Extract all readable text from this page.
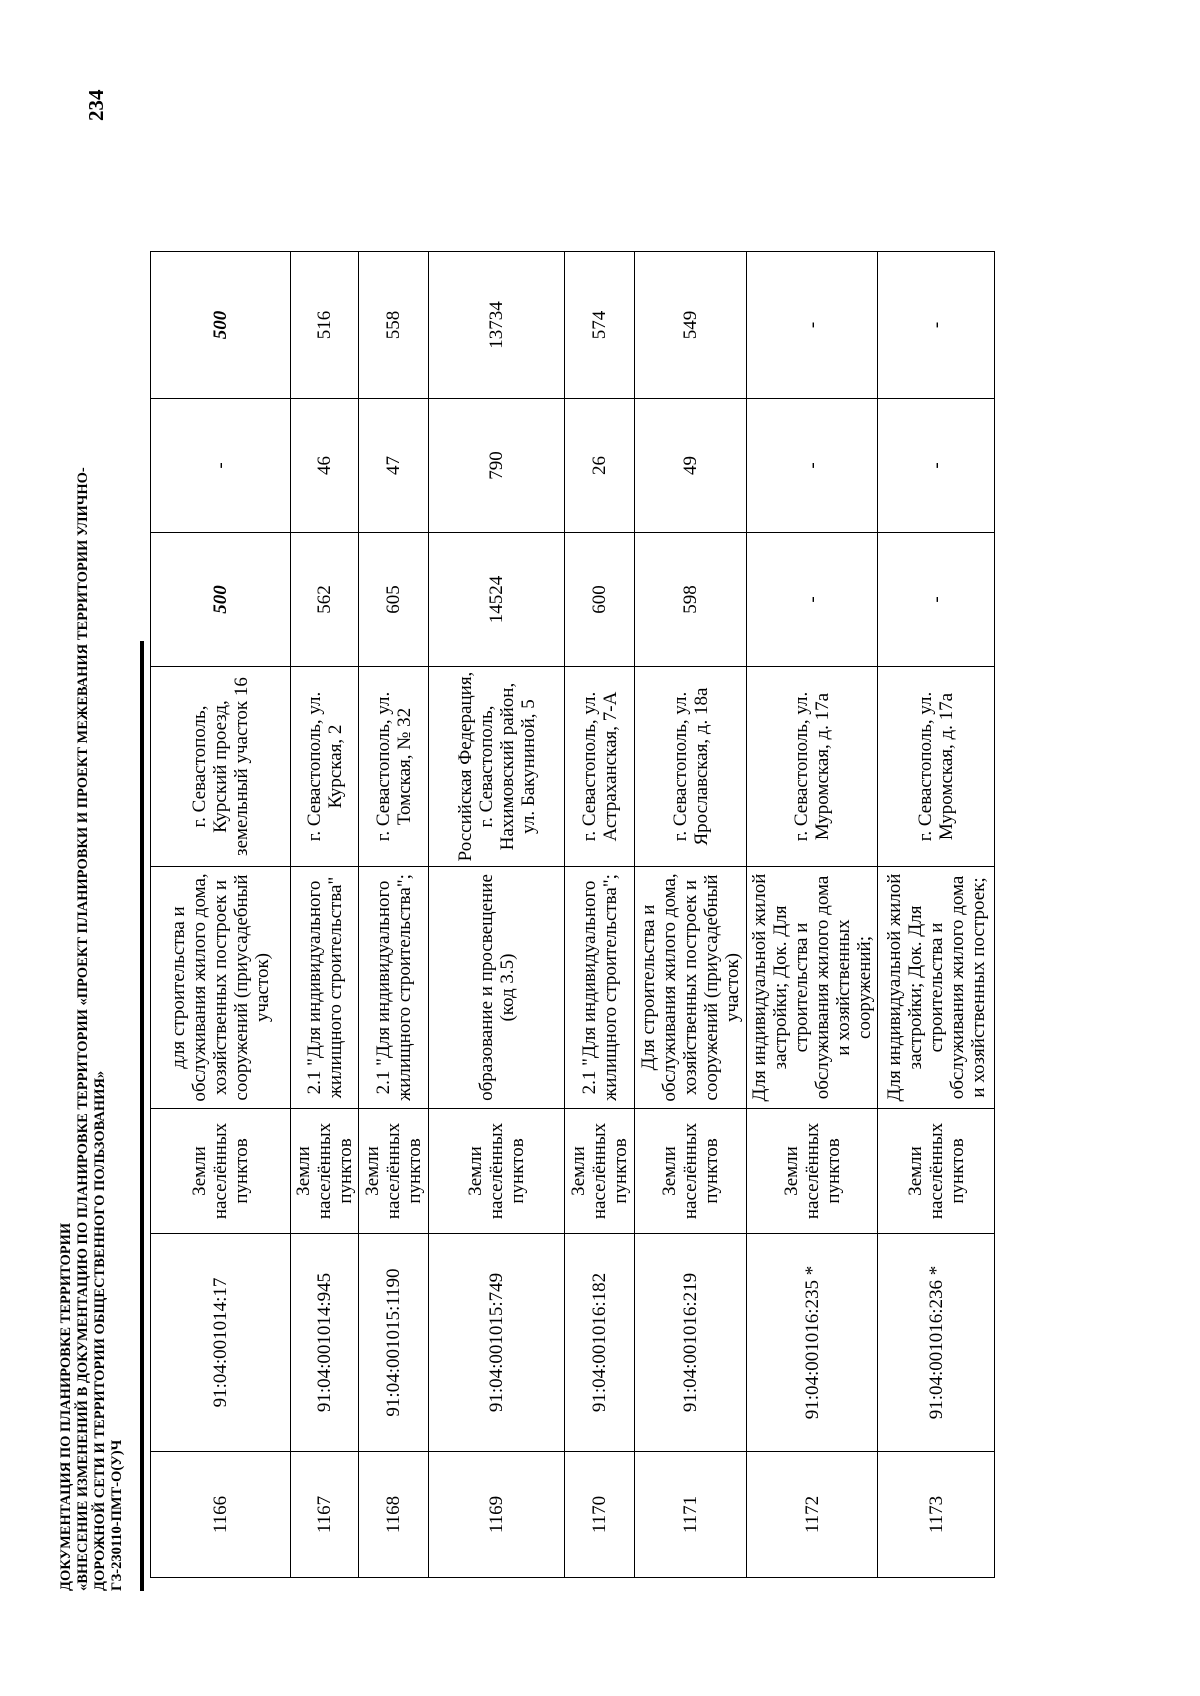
ДОКУМЕНТАЦИЯ ПО ПЛАНИРОВКЕ ТЕРРИТОРИИ «ВНЕСЕНИЕ ИЗМЕНЕНИЙ В ДОКУМЕНТАЦИЮ ПО ПЛАНИРОВКЕ ТЕРРИТОРИИ «ПРОЕКТ ПЛАНИРОВКИ И ПРОЕКТ МЕЖЕВАНИЯ ТЕРРИТОРИИ УЛИЧНО- ДОРОЖНОЙ СЕТИ И ТЕРРИТОРИИ ОБЩЕСТВЕННОГО ПОЛЬЗОВАНИЯ» ГЗ-230110-ПМТ-О(У)Ч
234
1166	91:04:001014:17	Земли населённых пунктов	для строительства и обслуживания жилого дома, хозяйственных построек и сооружений (приусадебный участок)	г. Севастополь, Курский проезд, земельный участок 16	500	-	500
1167	91:04:001014:945	Земли населённых пунктов	2.1 "Для индивидуального жилищного строительства"	г. Севастополь, ул. Курская, 2	562	46	516
1168	91:04:001015:1190	Земли населённых пунктов	2.1 "Для индивидуального жилищного строительства";	г. Севастополь, ул. Томская, № 32	605	47	558
1169	91:04:001015:749	Земли населённых пунктов	образование и просвещение (код 3.5)	Российская Федерация, г. Севастополь, Нахимовский район, ул. Бакуниной, 5	14524	790	13734
1170	91:04:001016:182	Земли населённых пунктов	2.1 "Для индивидуального жилищного строительства";	г. Севастополь, ул. Астраханская, 7-А	600	26	574
1171	91:04:001016:219	Земли населённых пунктов	Для строительства и обслуживания жилого дома, хозяйственных построек и сооружений (приусадебный участок)	г. Севастополь, ул. Ярославская, д. 18а	598	49	549
1172	91:04:001016:235 *	Земли населённых пунктов	Для индивидуальной жилой застройки; Док. Для строительства и обслуживания жилого дома и хозяйственных сооружений;	г. Севастополь, ул. Муромская, д. 17а	-	-	-
1173	91:04:001016:236 *	Земли населённых пунктов	Для индивидуальной жилой застройки; Док. Для строительства и обслуживания жилого дома и хозяйственных построек;	г. Севастополь, ул. Муромская, д. 17а	-	-	-
